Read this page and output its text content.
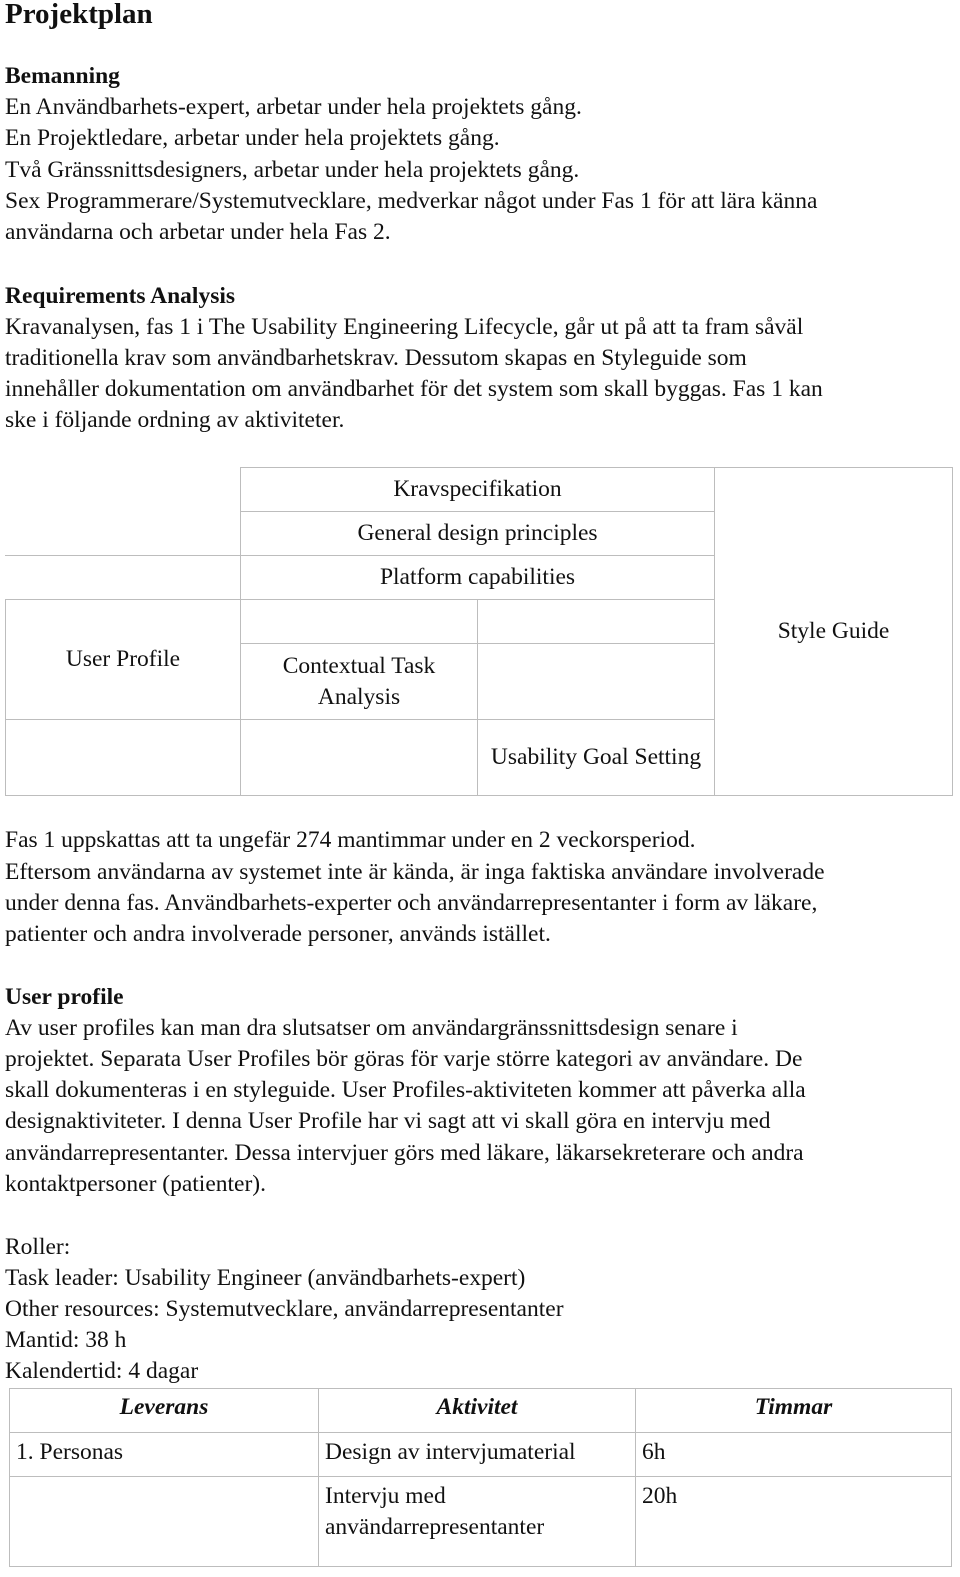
Projektplan
Bemanning
En Användbarhets-expert, arbetar under hela projektets gång.
En Projektledare, arbetar under hela projektets gång.
Två Gränssnittsdesigners, arbetar under hela projektets gång.
Sex Programmerare/Systemutvecklare, medverkar något under Fas 1 för att lära känna
användarna och arbetar under hela Fas 2.
Requirements Analysis
Kravanalysen, fas 1 i The Usability Engineering Lifecycle, går ut på att ta fram såväl
traditionella krav som användbarhetskrav. Dessutom skapas en Styleguide som
innehåller dokumentation om användbarhet för det system som skall byggas. Fas 1 kan
ske i följande ordning av aktiviteter.
	Kravspecifikation		Style Guide
	General design principles		
	Platform capabilities		
User Profile			
	Contextual Task Analysis		
		Usability Goal Setting	

Fas 1 uppskattas att ta ungefär 274 mantimmar under en 2 veckorsperiod.
Eftersom användarna av systemet inte är kända, är inga faktiska användare involverade
under denna fas. Användbarhets-experter och användarrepresentanter i form av läkare,
patienter och andra involverade personer, används istället.
User profile
Av user profiles kan man dra slutsatser om användargränssnittsdesign senare i
projektet. Separata User Profiles bör göras för varje större kategori av användare. De
skall dokumenteras i en styleguide. User Profiles-aktiviteten kommer att påverka alla
designaktiviteter. I denna User Profile har vi sagt att vi skall göra en intervju med
användarrepresentanter. Dessa intervjuer görs med läkare, läkarsekreterare och andra
kontaktpersoner (patienter).
Roller:
Task leader: Usability Engineer (användbarhets-expert)
Other resources: Systemutvecklare, användarrepresentanter
Mantid: 38 h
Kalendertid: 4 dagar
Leverans	Aktivitet	Timmar
1. Personas	Design av intervjumaterial	6h
	Intervju med användarrepresentanter	20h
